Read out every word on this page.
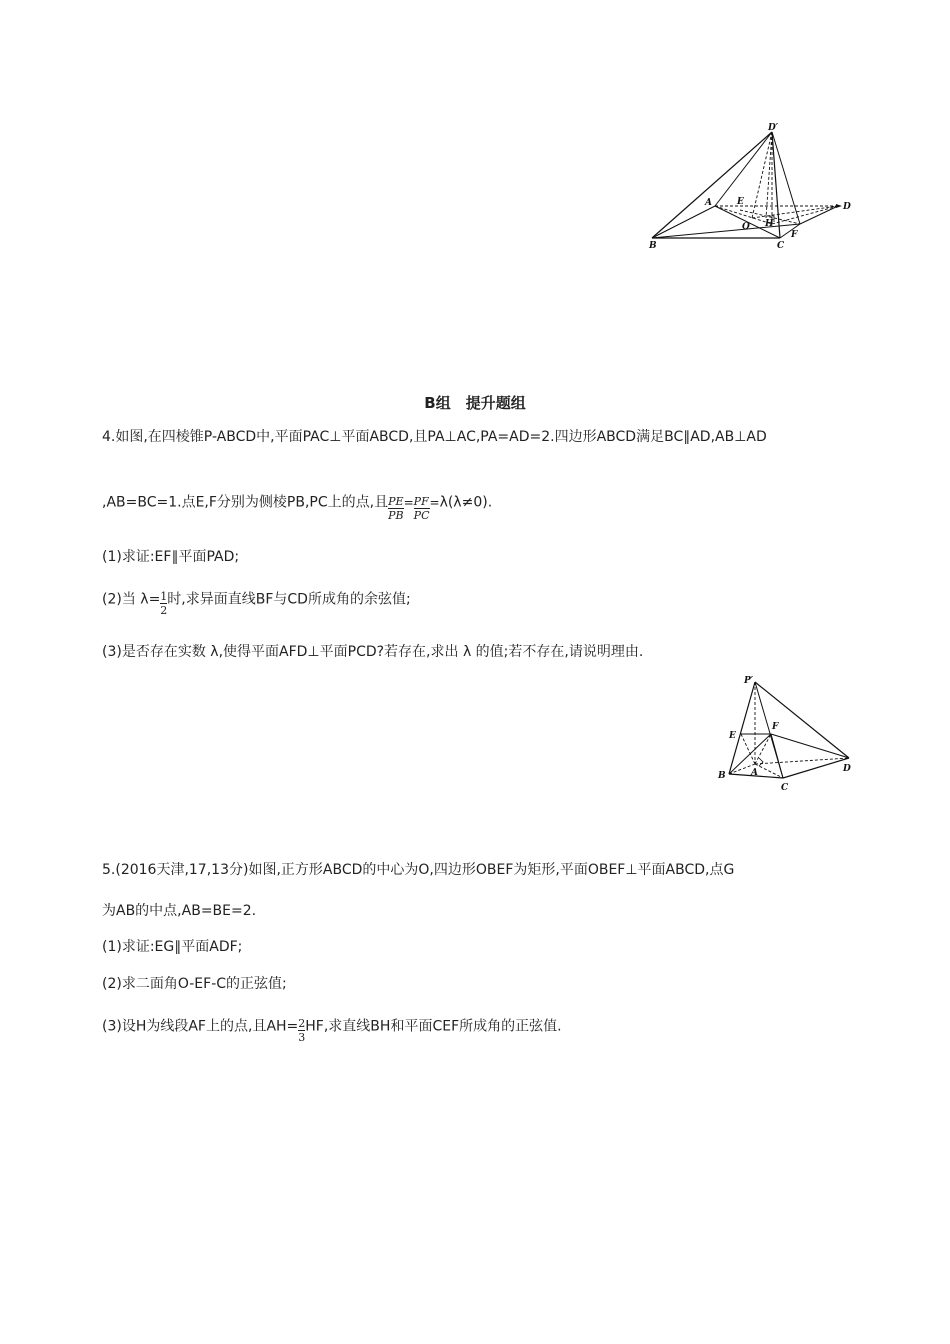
D′
A	E	D
O H
F
B	C
B组　提升题组
4.如图,在四棱锥P-ABCD中,平面PAC⊥平面ABCD,且PA⊥AC,PA=AD=2.四边形ABCD满足BC∥AD,AB⊥AD
,AB=BC=1.点E,F分别为侧棱PB,PC上的点,且 $\frac{PE}{PB} = \frac{PF}{PC} =\lambda(\lambda\ne 0)$.
(1)求证:EF∥平面PAD;
(2)当 $\lambda= \frac{1}{2}$ 时,求异面直线BF与CD所成角的余弦值;
(3)是否存在实数 λ,使得平面AFD⊥平面PCD?若存在,求出 λ 的值;若不存在,请说明理由.
P′
E
F
B	A	D
C
5.(2016天津,17,13分)如图,正方形ABCD的中心为O,四边形OBEF为矩形,平面OBEF⊥平面ABCD,点G
为AB的中点,AB=BE=2.
(1)求证:EG∥平面ADF;
(2)求二面角O-EF-C的正弦值;
(3)设H为线段AF上的点,且$AH= \frac{2}{3}$ HF,求直线BH和平面CEF所成角的正弦值.
